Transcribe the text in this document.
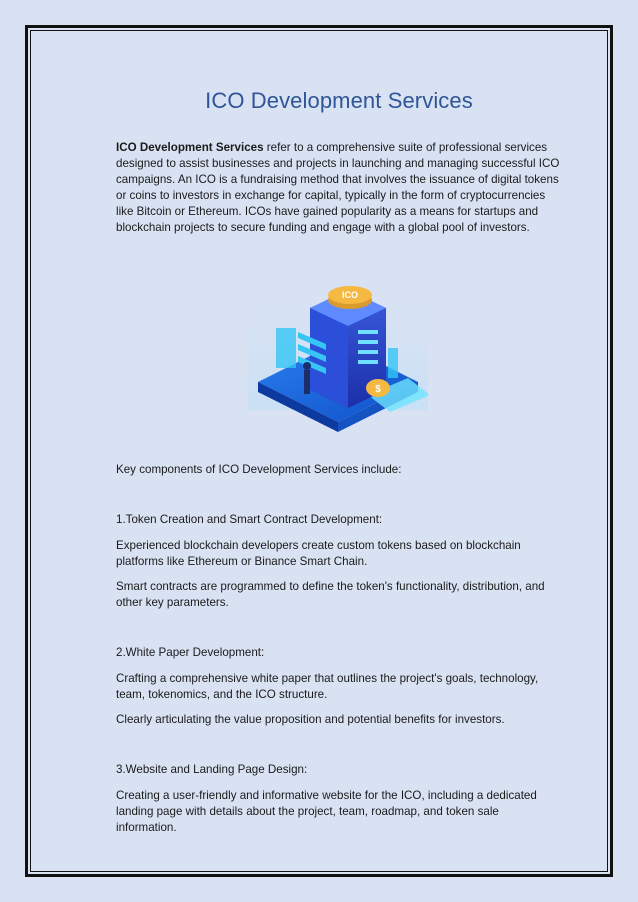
ICO Development Services

ICO Development Services refer to a comprehensive suite of professional services designed to assist businesses and projects in launching and managing successful ICO campaigns. An ICO is a fundraising method that involves the issuance of digital tokens or coins to investors in exchange for capital, typically in the form of cryptocurrencies like Bitcoin or Ethereum. ICOs have gained popularity as a means for startups and blockchain projects to secure funding and engage with a global pool of investors.

ICO
$

Key components of ICO Development Services include:

1.Token Creation and Smart Contract Development:

Experienced blockchain developers create custom tokens based on blockchain platforms like Ethereum or Binance Smart Chain.

Smart contracts are programmed to define the token's functionality, distribution, and other key parameters.

2.White Paper Development:

Crafting a comprehensive white paper that outlines the project's goals, technology, team, tokenomics, and the ICO structure.

Clearly articulating the value proposition and potential benefits for investors.

3.Website and Landing Page Design:

Creating a user-friendly and informative website for the ICO, including a dedicated landing page with details about the project, team, roadmap, and token sale information.
